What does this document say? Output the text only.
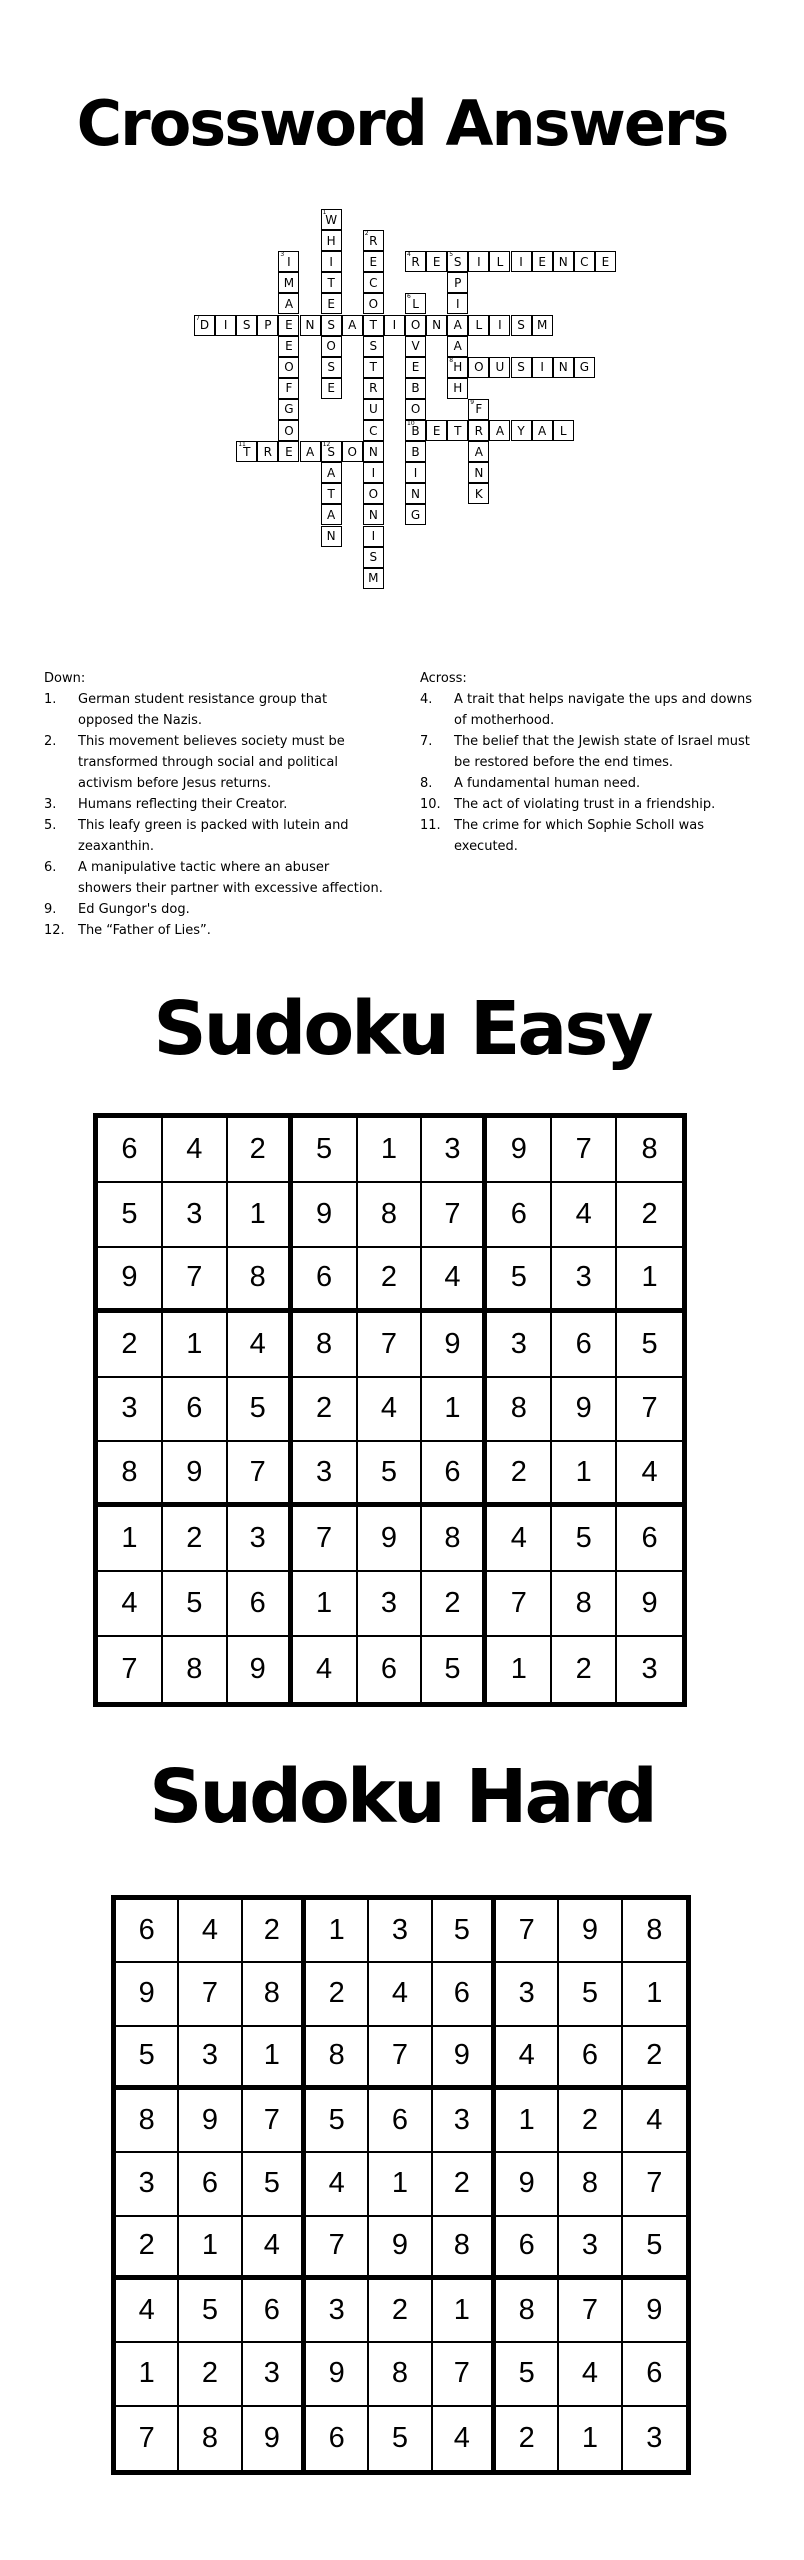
Crossword Answers
W
1
H
I
T
E
S
O
S
E
R
2
E
C
O
T
S
T
R
U
C
N
I
O
N
I
S
M
I
3
M
A
E
E
O
F
G
O
E
R
4
E	S
5
I	L	I	E	N	C	E
P
I
A
A
H
8
H
L
6
O
V
E
B
O
B
10
B
I
N
G
D
7
I	S	P	N	A	I	N	L	I	S	M
O U	S	I	N G
F
9
R
A
N
K
E	T	A	Y	A	L
T
11
R	A	S
12
O
A
T
A
N

Down:

1. German student resistance group that opposed the Nazis.
2. This movement believes society must be transformed through social and political activism before Jesus returns.
3. Humans reflecting their Creator.
5. This leafy green is packed with lutein and zeaxanthin.
6. A manipulative tactic where an abuser showers their partner with excessive affection.
9. Ed Gungor's dog.
12. The “Father of Lies”.

Across:

4. A trait that helps navigate the ups and downs of motherhood.
7. The belief that the Jewish state of Israel must be restored before the end times.
8. A fundamental human need.
10. The act of violating trust in a friendship.
11. The crime for which Sophie Scholl was executed.
Sudoku Easy
6	4	2	5	1	3	9	7	8
5	3	1	9	8	7	6	4	2
9	7	8	6	2	4	5	3	1
2	1	4	8	7	9	3	6	5
3	6	5	2	4	1	8	9	7
8	9	7	3	5	6	2	1	4
1	2	3	7	9	8	4	5	6
4	5	6	1	3	2	7	8	9
7	8	9	4	6	5	1	2	3
Sudoku Hard
6	4	2	1	3	5	7	9	8
9	7	8	2	4	6	3	5	1
5	3	1	8	7	9	4	6	2
8	9	7	5	6	3	1	2	4
3	6	5	4	1	2	9	8	7
2	1	4	7	9	8	6	3	5
4	5	6	3	2	1	8	7	9
1	2	3	9	8	7	5	4	6
7	8	9	6	5	4	2	1	3
